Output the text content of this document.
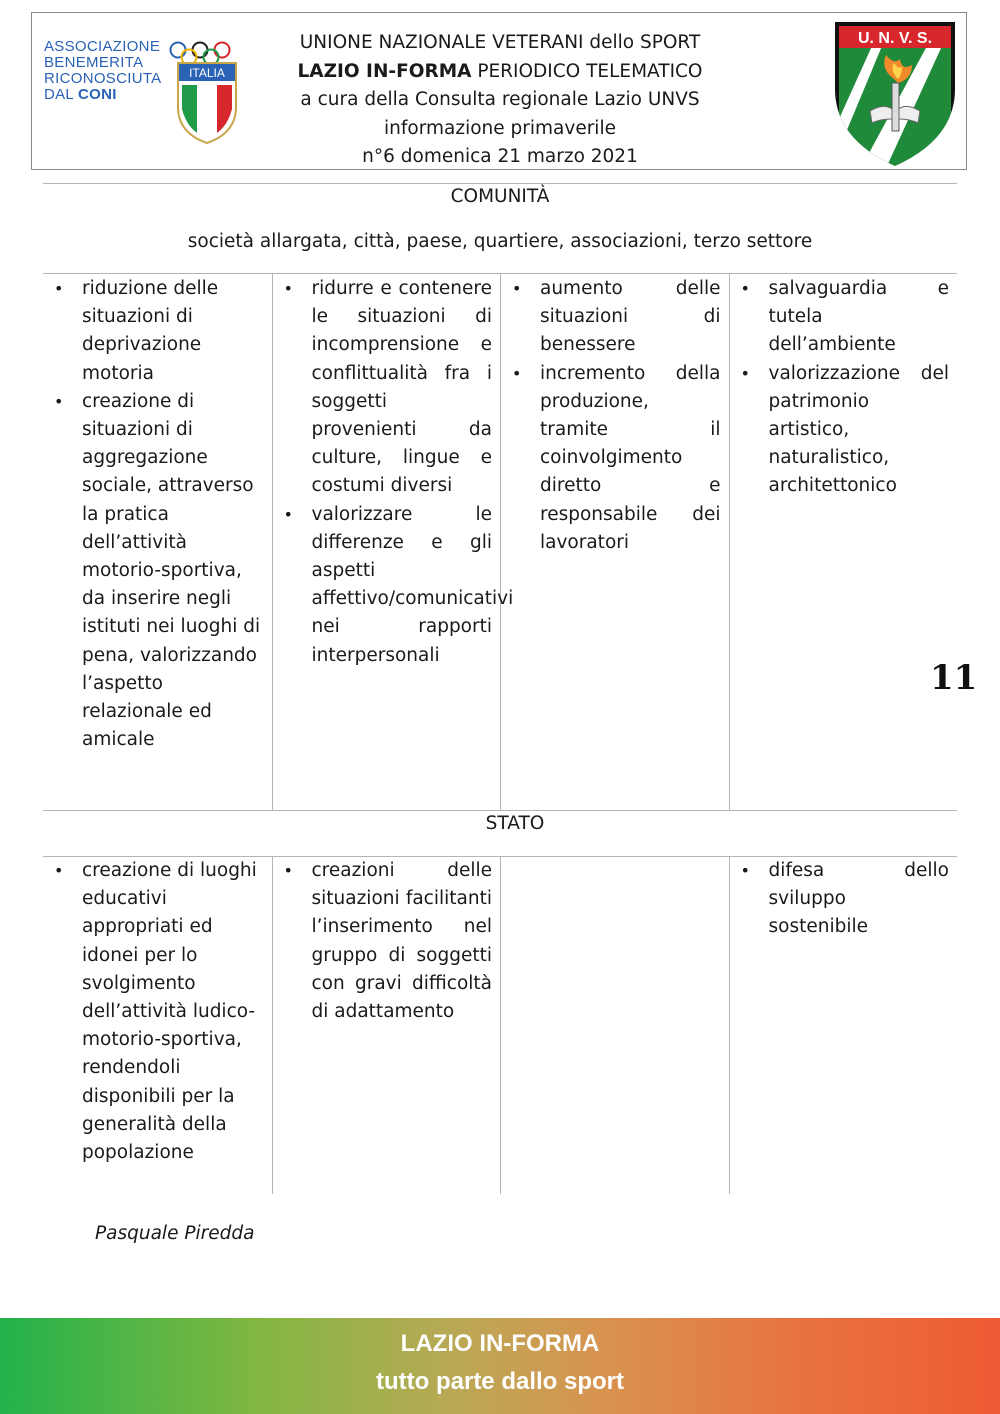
ASSOCIAZIONE
BENEMERITA
RICONOSCIUTA
DAL CONI
ITALIA
UNIONE NAZIONALE VETERANI dello SPORT
LAZIO IN-FORMA PERIODICO TELEMATICO
a cura della Consulta regionale Lazio UNVS
informazione primaverile
n°6 domenica 21 marzo 2021
U. N. V. S.
COMUNITÀ
società allargata, città, paese, quartiere, associazioni, terzo settore
• riduzione delle situazioni di deprivazione motoria
• creazione di situazioni di aggregazione sociale, attraverso la pratica dell’attività motorio-sportiva, da inserire negli istituti nei luoghi di pena, valorizzando l’aspetto relazionale ed amicale
• ridurre e contenere le situazioni di incomprensione e conflittualità fra i soggetti provenienti da culture, lingue e costumi diversi
• valorizzare le differenze e gli aspetti affettivo/comunicativi nei rapporti interpersonali
• aumento delle situazioni di benessere
• incremento della produzione, tramite il coinvolgimento diretto e responsabile dei lavoratori
• salvaguardia e tutela dell’ambiente
• valorizzazione del patrimonio artistico, naturalistico, architettonico
11
STATO
• creazione di luoghi educativi appropriati ed idonei per lo svolgimento dell’attività ludico-motorio-sportiva, rendendoli disponibili per la generalità della popolazione
• creazioni delle situazioni facilitanti l’inserimento nel gruppo di soggetti con gravi difficoltà di adattamento
• difesa dello sviluppo sostenibile
Pasquale Piredda
LAZIO IN-FORMA
tutto parte dallo sport
